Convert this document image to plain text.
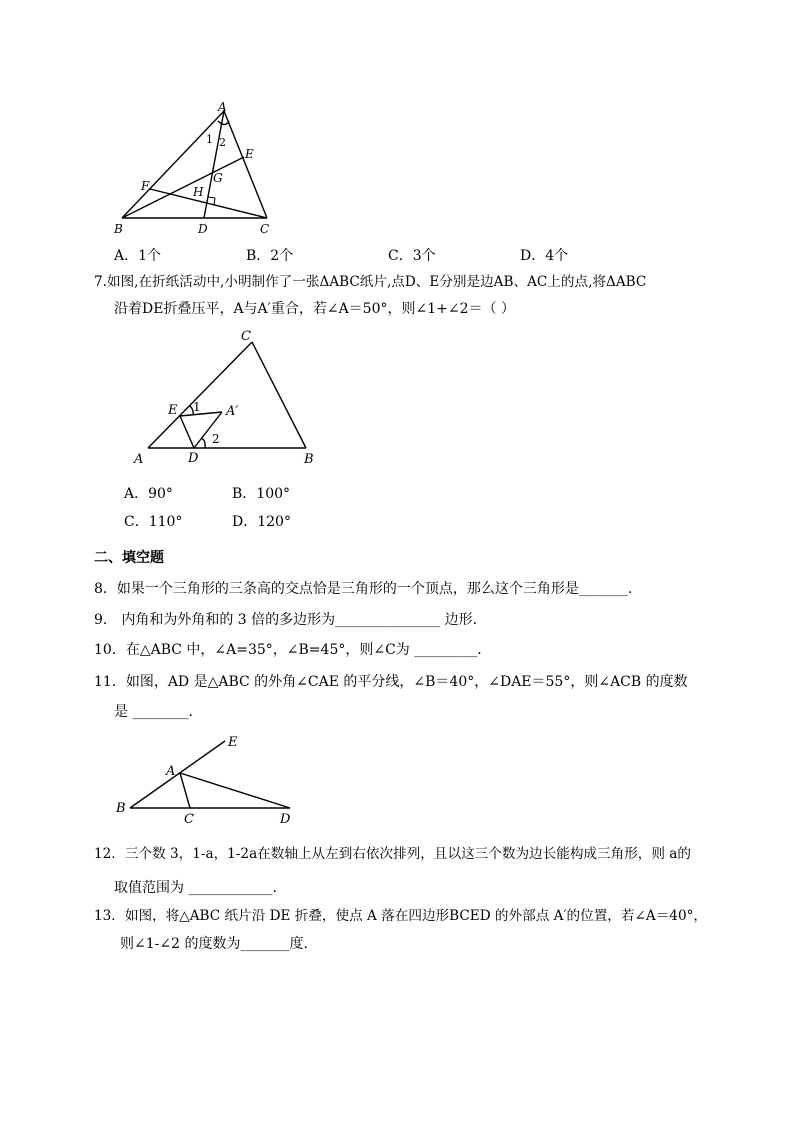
A
B	C
D
E
F
G
H
1 2
A．1个	B．2个	C．3个	D．4个
7.如图,在折纸活动中,小明制作了一张ΔABC纸片,点D、E分别是边AB、AC上的点,将ΔABC
沿着DE折叠压平，A与A′重合，若∠A＝50°，则∠1+∠2＝（ ）
A	B
C
D
E	A′
1
2
A．90°	B．100°
C．110°	D．120°
二、填空题
8．如果一个三角形的三条高的交点恰是三角形的一个顶点，那么这个三角形是_______.
9． 内角和为外角和的 3 倍的多边形为_______________ 边形.
10．在△ABC 中，∠A=35°，∠B=45°，则∠C为 _________.
11．如图，AD 是△ABC 的外角∠CAE 的平分线，∠B＝40°，∠DAE＝55°，则∠ACB 的度数
是 ________.
A
B
C	D
E
12．三个数 3，1-a，1-2a在数轴上从左到右依次排列，且以这三个数为边长能构成三角形，则 a的
取值范围为 ____________.
13．如图，将△ABC 纸片沿 DE 折叠，使点 A 落在四边形BCED 的外部点 A′的位置，若∠A＝40°，
则∠1-∠2 的度数为_______度.
